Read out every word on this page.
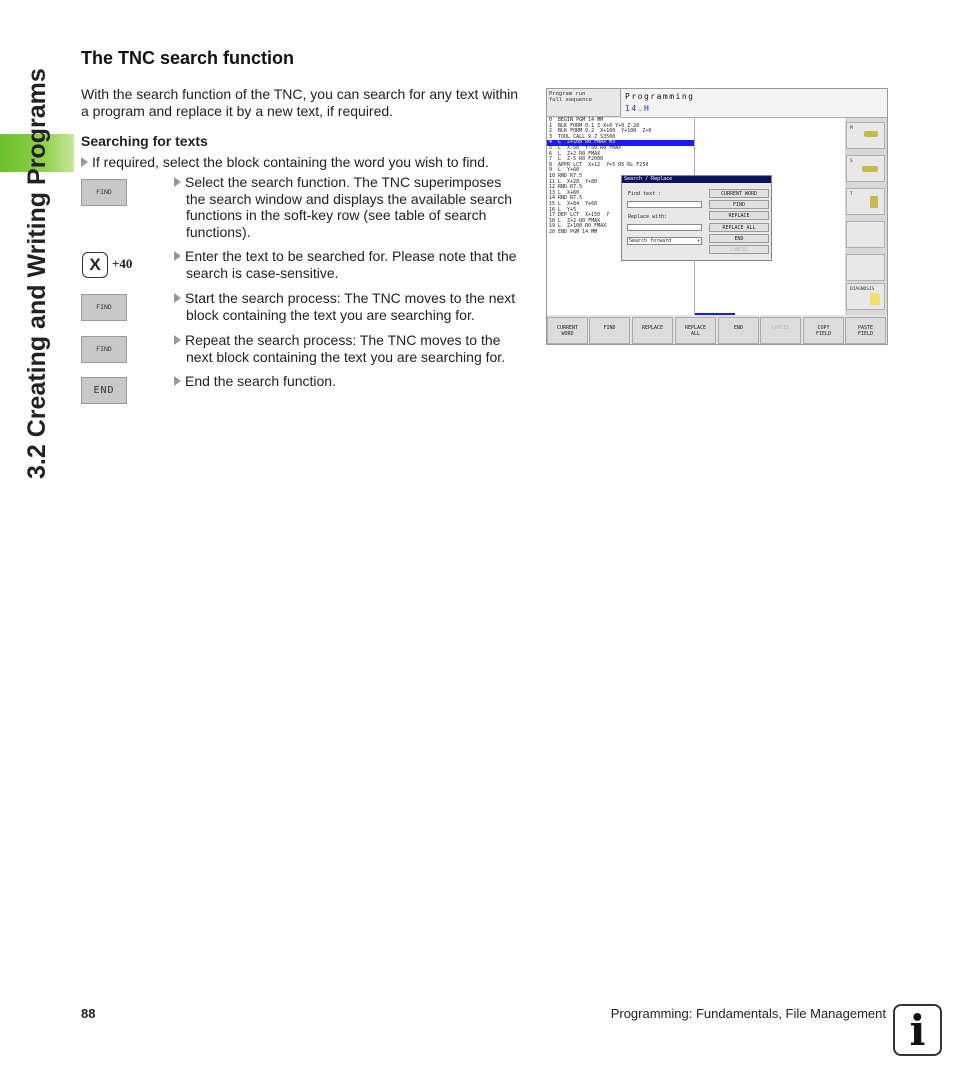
3.2 Creating and Writing Programs
The TNC search function
With the search function of the TNC, you can search for any text within a program and replace it by a new text, if required.
Searching for texts
If required, select the block containing the word you wish to find.
FIND

Select the search function. The TNC superimposes the search window and displays the available search functions in the soft-key row (see table of search functions).

X +40	Enter the text to be searched for. Please note that the search is case-sensitive.

FIND

Start the search process: The TNC moves to the next block containing the text you are searching for.

FIND

Repeat the search process: The TNC moves to the next block containing the text you are searching for.

END

End the search function.

Program run
full sequence	Programming
14.H
0  BEGIN PGM 14 MM
1  BLK FORM 0.1 Z X+0 Y+0 Z-20
2  BLK FORM 0.2  X+100  Y+100  Z+0
3  TOOL CALL 9 Z S3500
4  L  Z+100 R0 FMAX M3
5  L  X-50  Y-50 R0 FMAX
6  L  Z+2 R0 FMAX
7  L  Z-5 R0 F2000
8  APPR LCT  X+12  Y+5 R5 RL F250
9  L  Y+60
10 RND R7.5
11 L  X+28  Y+80
12 RND R7.5
13 L  X+60
14 RND R7.5
15 L  X+84  Y+60
16 L  Y+5
17 DEP LCT  X+150  Y
18 L  Z+2 R0 FMAX
19 L  Z+100 R0 FMAX
20 END PGM 14 MM
M
S
T
DIAGNOSIS
Search / Replace
Find text :
Replace with:
Search forward	▾
CURRENT WORD
FIND
REPLACE
REPLACE ALL
END
CANCEL
CURRENT
WORD
FIND	REPLACE	REPLACE
ALL
END	CANCEL	COPY
FIELD
PASTE
FIELD
88	Programming: Fundamentals, File Management i
